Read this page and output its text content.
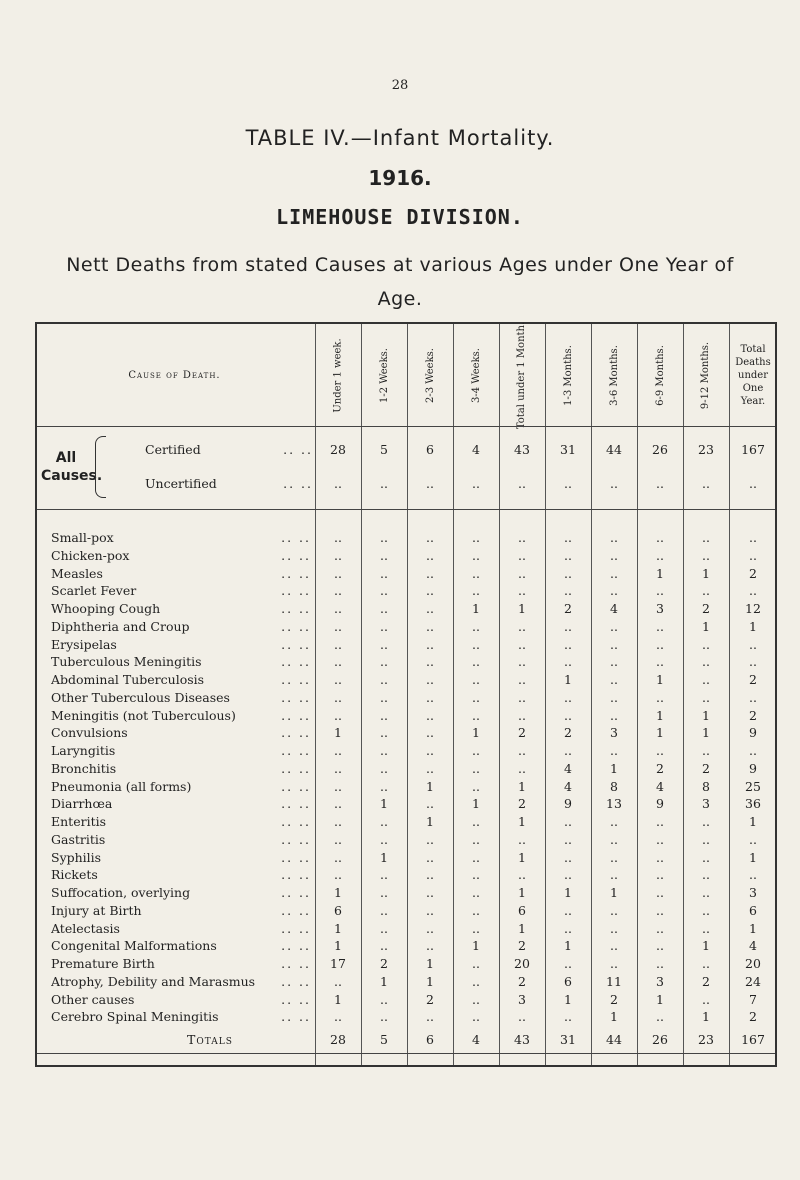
28
TABLE IV.—Infant Mortality.
1916.
LIMEHOUSE DIVISION.
Nett Deaths from stated Causes at various Ages under One Year of Age.
Cause of Death.
All Causes.
Under 1 week.	1-2 Weeks.	2-3 Weeks.	3-4 Weeks.	Total under 1 Month.	1-3 Months.	3-6 Months.	6-9 Months.	9-12 Months.	Total Deaths under One Year.
Certified	.. ..	28	5	6	4	43	31	44	26	23	167
Uncertified	.. ..	..	..	..	..	..	..	..	..	..	..
Small-pox	.. ..	..	..	..	..	..	..	..	..	..	..
Chicken-pox	.. ..	..	..	..	..	..	..	..	..	..	..
Measles	.. ..	..	..	..	..	..	..	..	1	1	2
Scarlet Fever	.. ..	..	..	..	..	..	..	..	..	..	..
Whooping Cough	.. ..	..	..	..	1	1	2	4	3	2	12
Diphtheria and Croup	.. ..	..	..	..	..	..	..	..	..	1	1
Erysipelas	.. ..	..	..	..	..	..	..	..	..	..	..
Tuberculous Meningitis	.. ..	..	..	..	..	..	..	..	..	..	..
Abdominal Tuberculosis	.. ..	..	..	..	..	..	1	..	1	..	2
Other Tuberculous Diseases	.. ..	..	..	..	..	..	..	..	..	..	..
Meningitis (not Tuberculous)	.. ..	..	..	..	..	..	..	..	1	1	2
Convulsions	.. ..	1	..	..	1	2	2	3	1	1	9
Laryngitis	.. ..	..	..	..	..	..	..	..	..	..	..
Bronchitis	.. ..	..	..	..	..	..	4	1	2	2	9
Pneumonia (all forms)	.. ..	..	..	1	..	1	4	8	4	8	25
Diarrhœa	.. ..	..	1	..	1	2	9	13	9	3	36
Enteritis	.. ..	..	..	1	..	1	..	..	..	..	1
Gastritis	.. ..	..	..	..	..	..	..	..	..	..	..
Syphilis	.. ..	..	1	..	..	1	..	..	..	..	1
Rickets	.. ..	..	..	..	..	..	..	..	..	..	..
Suffocation, overlying	.. ..	1	..	..	..	1	1	1	..	..	3
Injury at Birth	.. ..	6	..	..	..	6	..	..	..	..	6
Atelectasis	.. ..	1	..	..	..	1	..	..	..	..	1
Congenital Malformations	.. ..	1	..	..	1	2	1	..	..	1	4
Premature Birth	.. ..	17	2	1	..	20	..	..	..	..	20
Atrophy, Debility and Marasmus .. ..	..	1	1	..	2	6	11	3	2	24
Other causes	.. ..	1	..	2	..	3	1	2	1	..	7
Cerebro Spinal Meningitis	.. ..	..	..	..	..	..	..	1	..	1	2
Totals	28	5	6	4	43	31	44	26	23	167
